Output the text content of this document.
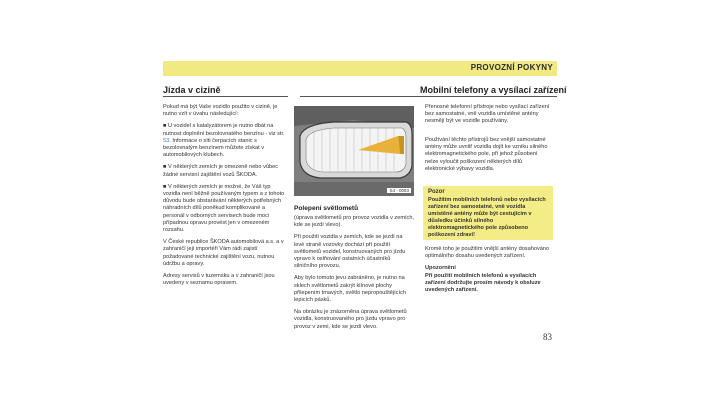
PROVOZNÍ POKYNY
Jízda v cizině

Pokud má být Vaše vozidlo použito v cizině, je nutno vzít v úvahu následující:

■ U vozidel s katalyzátorem je nutno dbát na nutnost doplnění bezolovnatého benzínu - viz str. 53. Informace o síti čerpacích stanic s bezolovnatým benzínem můžete získat v automobilových klubech.

■ V některých zemích je omezeně nebo vůbec žádné servisní zajištění vozů ŠKODA.

■ V některých zemích je možné, že Váš typ vozidla není běžně používaným typem a z tohoto důvodu bude obstarávání některých potřebných náhradních dílů poněkud komplikované a personál v odborných servisech bude moci případnou opravu provést jen v omezeném rozsahu.

V České republice ŠKODA automobilová a.s. a v zahraničí její importéři Vám rádi zajistí požadované technické zajištění vozu, nutnou údržbu a opravy.

Adresy servisů v tuzemsku a v zahraničí jsou uvedeny v seznamu opravem.

S4 - 0083
Polepení světlometů

(úprava světlometů pro provoz vozidla v zemích, kde se jezdí vlevo).

Při použití vozidla v zemích, kde se jezdí na levé straně vozovky dochází při použití světlometů vozidel, konstruovaných pro jízdu vpravo k oslňování ostatních účastníků silničního provozu.

Aby bylo tomuto jevu zabráněno, je nutno na sklech světlometů zakrýt klínové plochy přilepením tmavých, světlo nepropouštějících lepicích pásků.

Na obrázku je znázorněna úprava světlometů vozidla, konstruovaného pro jízdu vpravo pro provoz v zemi, kde se jezdí vlevo.

Mobilní telefony a vysílací zařízení

Přenosné telefonní přístroje nebo vysílací zařízení bez samostatné, vně vozidla umístěné antény nesmějí být ve vozidle používány.

Používání těchto přístrojů bez vnější samostatné antény může uvnitř vozidla dojít ke vzniku silného elektromagnetického pole, při jehož působení nelze vyloučit poškození některých dílů elektronické výbavy vozidla.

Pozor
Použitím mobilních telefonů nebo vysílacích zařízení bez samostatné, vně vozidla umístěné antény může být cestujícím v důsledku účinků silného elektromagnetického pole způsobeno poškození zdraví!

Kromě toho je použitím vnější antény dosahováno optimálního dosahu uvedených zařízení.

Upozornění

Při použití mobilních telefonů a vysílacích zařízení dodržujte prosím návody k obsluze uvedených zařízení.

83
